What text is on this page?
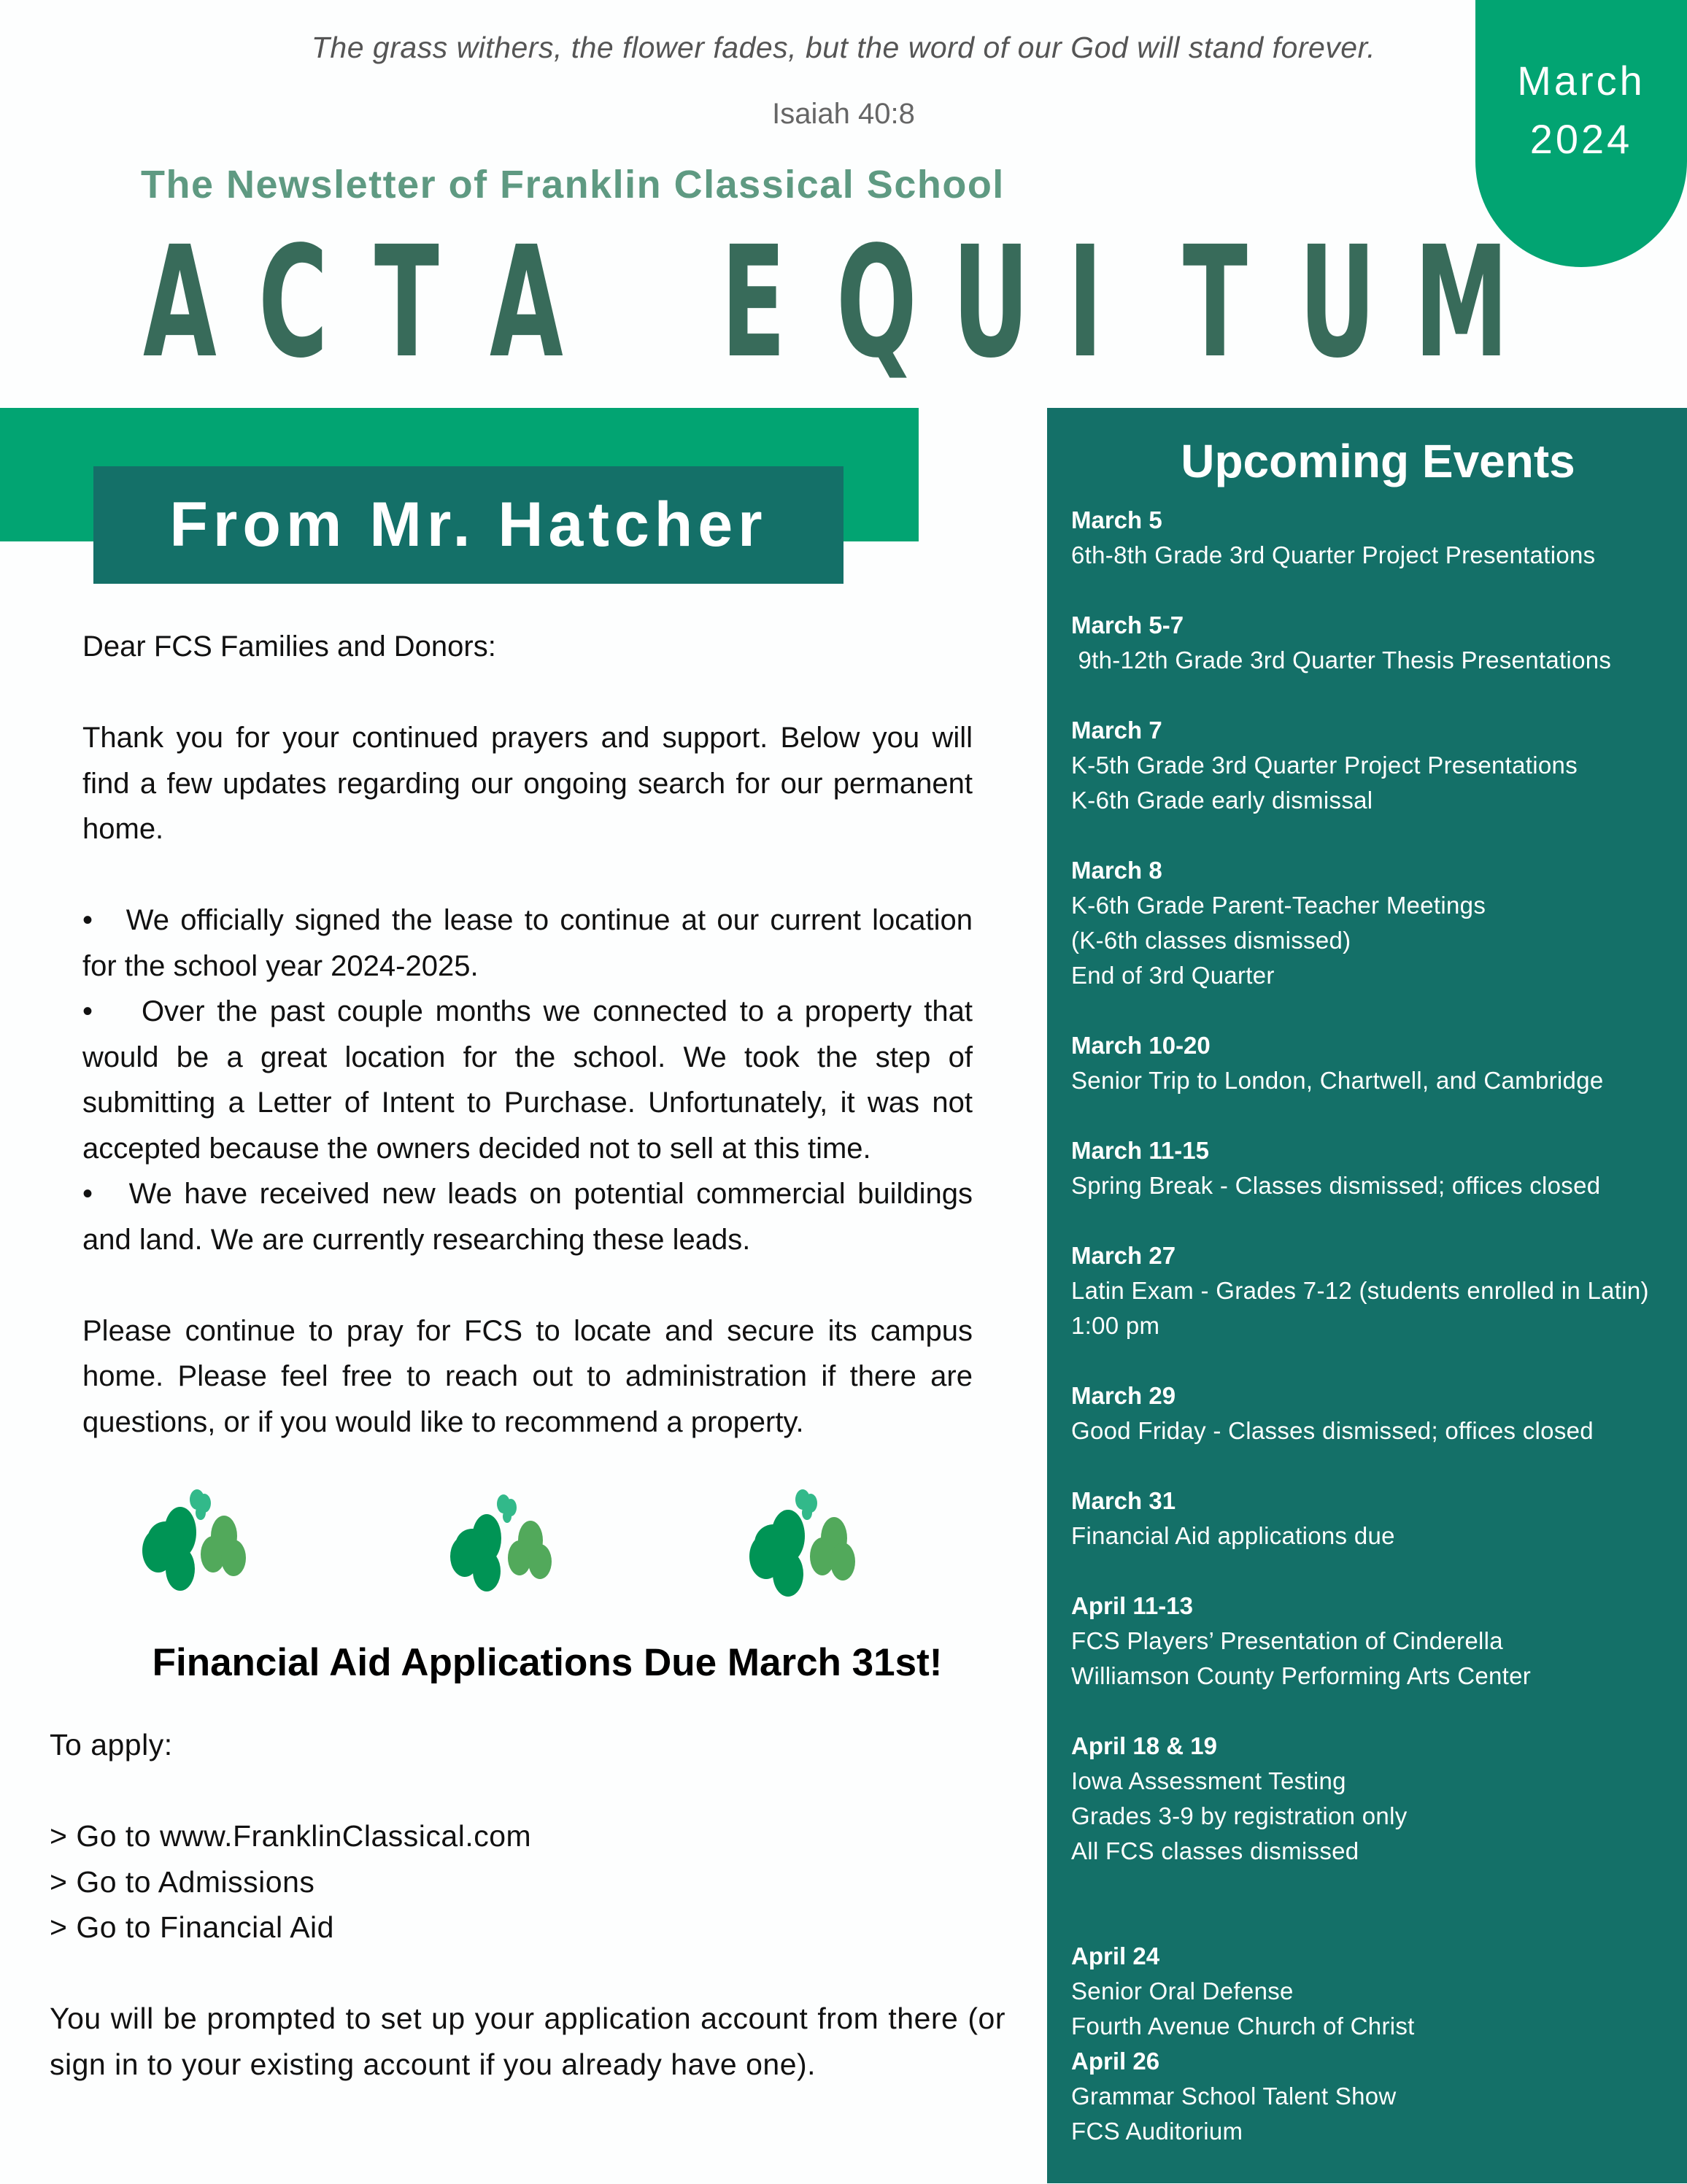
The grass withers, the flower fades, but the word of our God will stand forever.
Isaiah 40:8
March
2024
The Newsletter of Franklin Classical School
A C T A E Q U I T U M
From Mr. Hatcher

Dear FCS Families and Donors:

Thank you for your continued prayers and support. Below you will find a few updates regarding our ongoing search for our permanent home.

•   We officially signed the lease to continue at our current location for the school year 2024-2025.

•    Over the past couple months we connected to a property that would be a great location for the school. We took the step of submitting a Letter of Intent to Purchase. Unfortunately, it was not accepted because the owners decided not to sell at this time.

•   We have received new leads on potential commercial buildings and land. We are currently researching these leads.

Please continue to pray for FCS to locate and secure its campus home. Please feel free to reach out to administration if there are questions, or if you would like to recommend a property.

Financial Aid Applications Due March 31st!

To apply:

> Go to www.FranklinClassical.com

> Go to Admissions

> Go to Financial Aid

You will be prompted to set up your application account from there (or sign in to your existing account if you already have one).

Upcoming Events
March 5
6th-8th Grade 3rd Quarter Project Presentations
March 5-7
9th-12th Grade 3rd Quarter Thesis Presentations
March 7
K-5th Grade 3rd Quarter Project Presentations
K-6th Grade early dismissal
March 8
K-6th Grade Parent-Teacher Meetings
(K-6th classes dismissed)
End of 3rd Quarter
March 10-20
Senior Trip to London, Chartwell, and Cambridge
March 11-15
Spring Break - Classes dismissed; offices closed
March 27
Latin Exam - Grades 7-12 (students enrolled in Latin)
1:00 pm
March 29
Good Friday - Classes dismissed; offices closed
March 31
Financial Aid applications due
April 11-13
FCS Players’ Presentation of Cinderella
Williamson County Performing Arts Center
April 18 & 19
Iowa Assessment Testing
Grades 3-9 by registration only
All FCS classes dismissed
April 24
Senior Oral Defense
Fourth Avenue Church of Christ
April 26
Grammar School Talent Show
FCS Auditorium
